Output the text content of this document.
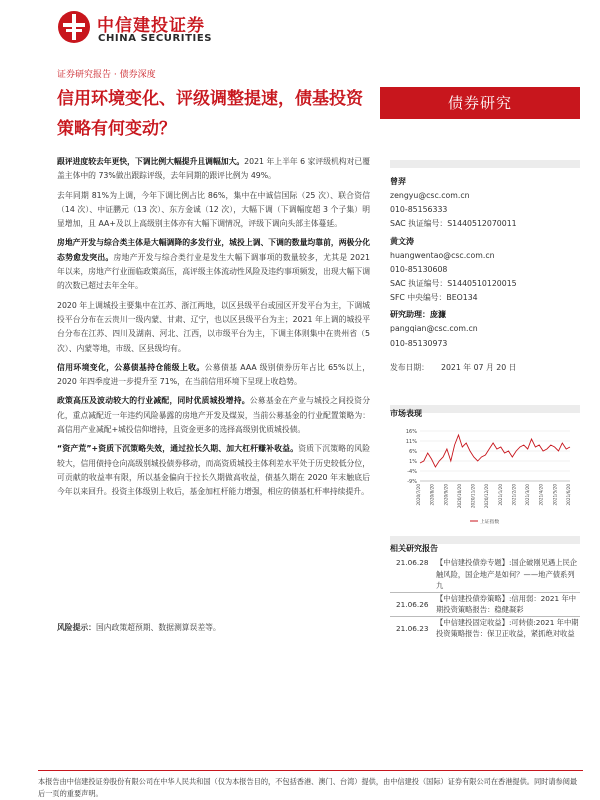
中信建投证券
CHINA SECURITIES
证券研究报告 · 债券深度
信用环境变化、评级调整提速，债基投资策略有何变动？
债券研究

跟评进度较去年更快，下调比例大幅提升且调幅加大。2021 年上半年 6 家评级机构对已覆盖主体中的 73%做出跟踪评级，去年同期的跟评比例为 49%。

去年同期 81%为上调，今年下调比例占比 86%，集中在中诚信国际（25 次）、联合资信（14 次）、中证鹏元（13 次）、东方金诚（12 次），大幅下调（下调幅度超 3 个子集）明显增加，且 AA+及以上高级别主体亦有大幅下调情况，评级下调向头部主体蔓延。

房地产开发与综合类主体是大幅调降的多发行业，城投上调、下调的数量均靠前，两极分化态势愈发突出。房地产开发与综合类行业是发生大幅下调事项的数量较多，尤其是 2021 年以来，房地产行业面临政策高压，高评级主体流动性风险及违约事项频发，出现大幅下调的次数已超过去年全年。

2020 年上调城投主要集中在江苏、浙江两地，以区县级平台或园区开发平台为主，下调城投平台分布在云贵川一级内蒙、甘肃、辽宁，也以区县级平台为主；2021 年上调的城投平台分布在江苏、四川及湖南、河北、江西，以市级平台为主，下调主体则集中在贵州省（5 次）、内蒙等地，市级、区县级均有。

信用环境变化，公募债基持仓能级上收。公募债基 AAA 级别债券历年占比 65%以上，2020 年四季度进一步提升至 71%，在当前信用环境下呈现上收趋势。

政策高压及波动较大的行业减配，同时优质城投增持。公募基金在产业与城投之间投资分化，重点减配近一年违约风险暴露的房地产开发及煤炭，当前公募基金的行业配置策略为：高信用产业减配+城投信仰增持，且资金更多的选择高级别优质城投债。

“资产荒”+资质下沉策略失效，通过拉长久期、加大杠杆赚补收益。资质下沉策略的风险较大，信用债持仓向高级别城投债券移动，而高资质城投主体利差水平处于历史较低分位，可贡献的收益率有限，所以基金偏向于拉长久期做高收益，债基久期在 2020 年末触底后今年以来回升。投资主体级别上收后，基金加杠杆能力增强，相应的债基杠杆率持续提升。

风险提示：国内政策超预期、数据测算误差等。
曾羿
zengyu@csc.com.cn
010-85156333
SAC 执证编号：S1440512070011
黄文涛
huangwentao@csc.com.cn
010-85130608
SAC 执证编号：S1440510120015
SFC 中央编号：BEO134
研究助理：庞濂
pangqian@csc.com.cn
010-85130973
发布日期： 2021 年 07 月 20 日
市场表现
16%
11%
6%
1%
-4%
-9%
2020/7/20 2020/8/20 2020/9/20 2020/10/20 2020/11/20 2020/12/20 2021/1/20 2021/2/20 2021/3/20 2021/4/20 2021/5/20 2021/6/20
上证指数
相关研究报告
21.06.28 【中信建投债券专题】:国企破刚见遇上民企触风险，国企地产是如何？——地产债系列九
21.06.26
【中信建投债券策略】:信用弱：2021 年中期投资策略报告：稳健凝彩
21.06.23
【中信建投固定收益】:可转债:2021 年中期投资策略报告：保卫正收益，紧抓绝对收益
本报告由中信建投证券股份有限公司在中华人民共和国（仅为本报告目的，不包括香港、澳门、台湾）提供，由中信建投（国际）证券有限公司在香港提供。同时请参阅最后一页的重要声明。
